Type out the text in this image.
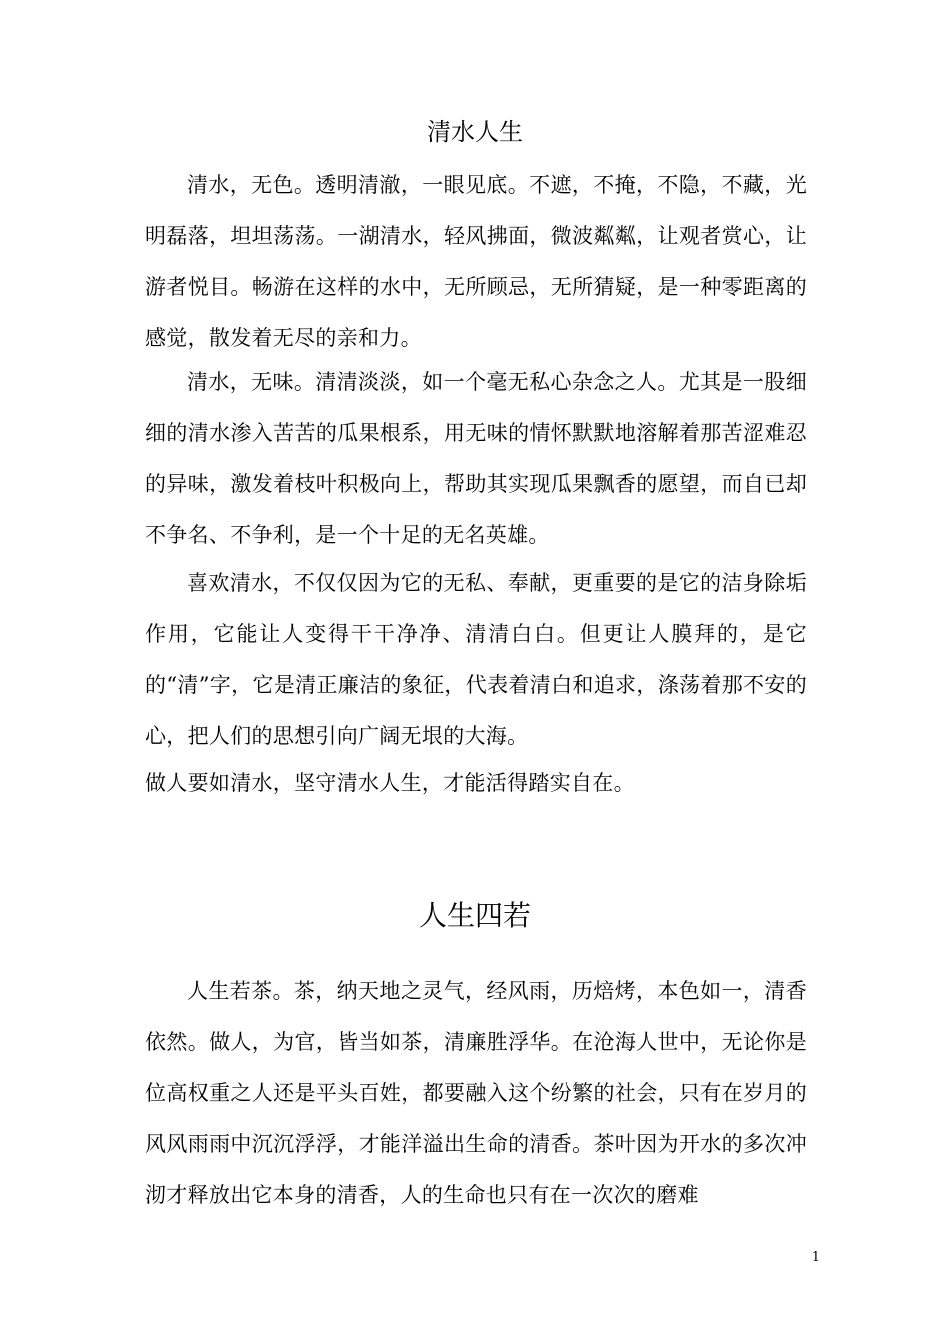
清水人生

清水，无色。透明清澈，一眼见底。不遮，不掩，不隐，不藏，光明磊落，坦坦荡荡。一湖清水，轻风拂面，微波粼粼，让观者赏心，让游者悦目。畅游在这样的水中，无所顾忌，无所猜疑，是一种零距离的感觉，散发着无尽的亲和力。

清水，无味。清清淡淡，如一个毫无私心杂念之人。尤其是一股细细的清水渗入苦苦的瓜果根系，用无味的情怀默默地溶解着那苦涩难忍的异味，激发着枝叶积极向上，帮助其实现瓜果飘香的愿望，而自已却不争名、不争利，是一个十足的无名英雄。

喜欢清水，不仅仅因为它的无私、奉献，更重要的是它的洁身除垢作用，它能让人变得干干净净、清清白白。但更让人膜拜的，是它的“清”字，它是清正廉洁的象征，代表着清白和追求，涤荡着那不安的心，把人们的思想引向广阔无垠的大海。

做人要如清水，坚守清水人生，才能活得踏实自在。

人生四若

人生若茶。茶，纳天地之灵气，经风雨，历焙烤，本色如一，清香依然。做人，为官，皆当如茶，清廉胜浮华。在沧海人世中，无论你是位高权重之人还是平头百姓，都要融入这个纷繁的社会，只有在岁月的风风雨雨中沉沉浮浮，才能洋溢出生命的清香。茶叶因为开水的多次冲沏才释放出它本身的清香，人的生命也只有在一次次的磨难

1
